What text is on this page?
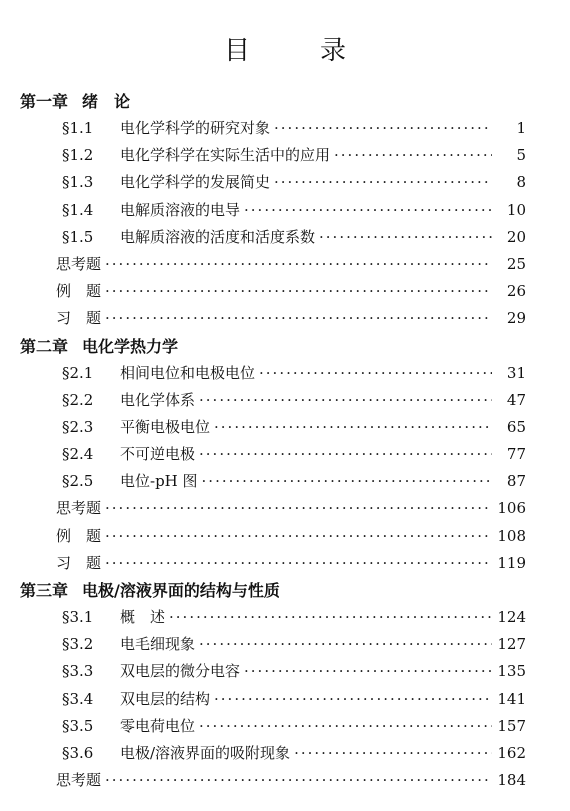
目	录
第一章 绪　论
§1.1	电化学科学的研究对象 ·····	1
§1.2	电化学科学在实际生活中的应用 ·····	5
§1.3	电化学科学的发展简史 ·····	8
§1.4	电解质溶液的电导 ·····	10
§1.5	电解质溶液的活度和活度系数 ·····	20
思考题 ·····	25
例　题 ·····	26
习　题 ·····	29
第二章 电化学热力学
§2.1	相间电位和电极电位 ·····	31
§2.2	电化学体系 ·····	47
§2.3	平衡电极电位 ·····	65
§2.4	不可逆电极 ·····	77
§2.5	电位-pH 图 ·····	87
思考题 ·····	106
例　题 ·····	108
习　题 ·····	119
第三章 电极/溶液界面的结构与性质
§3.1	概　述 ·····	124
§3.2	电毛细现象 ·····	127
§3.3	双电层的微分电容 ·····	135
§3.4	双电层的结构 ·····	141
§3.5	零电荷电位 ·····	157
§3.6	电极/溶液界面的吸附现象 ·····	162
思考题 ·····	184
